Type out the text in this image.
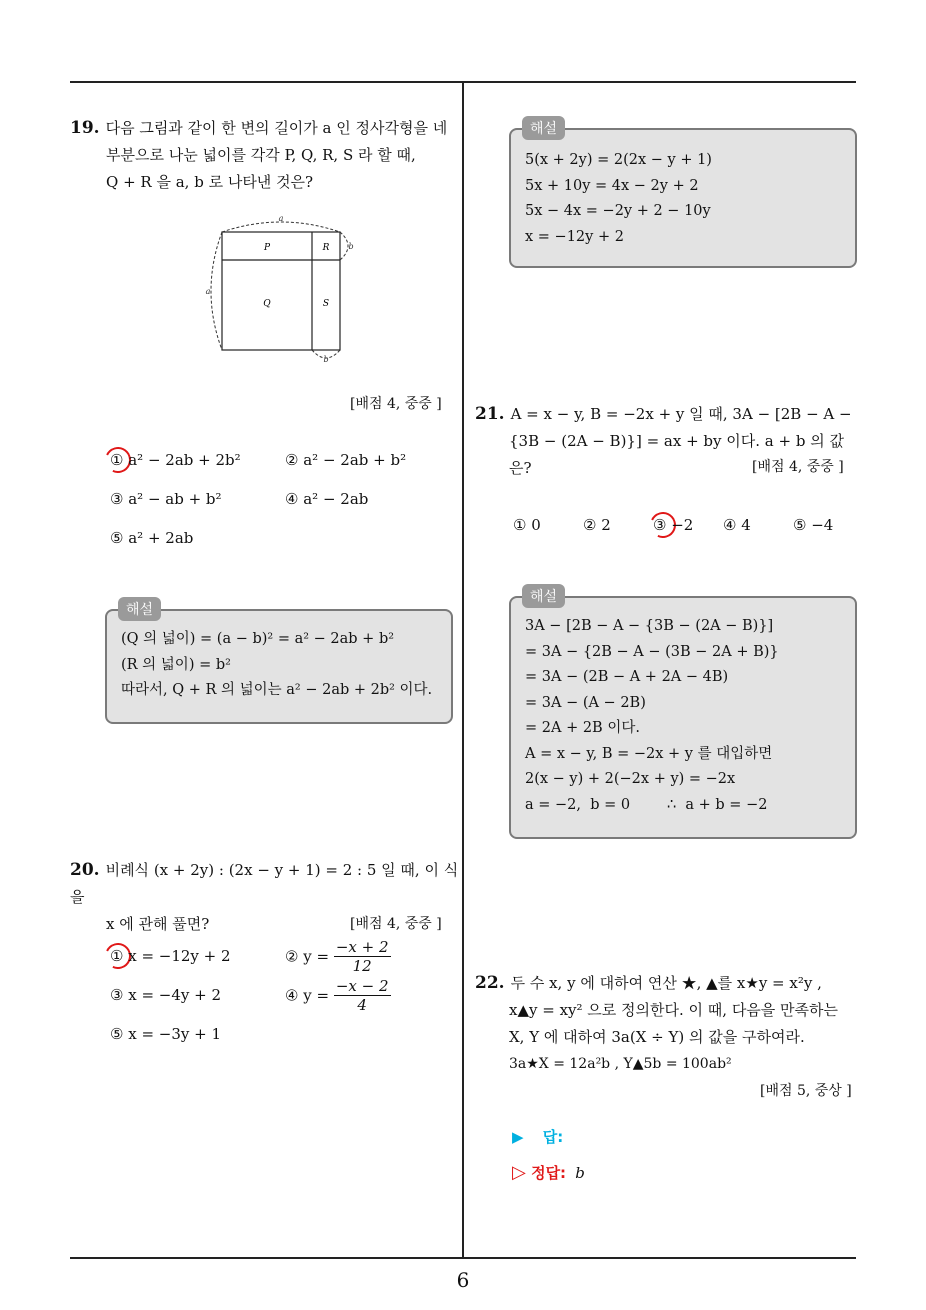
6
19. 다음 그림과 같이 한 변의 길이가 a 인 정사각형을 네
부분으로 나눈 넓이를 각각 P, Q, R, S 라 할 때,
Q + R 을 a, b 로 나타낸 것은?
a
a
b
b
P	R
Q	S
[배점 4, 중중 ]
① a² − 2ab + 2b²	② a² − 2ab + b²
③ a² − ab + b²	④ a² − 2ab
⑤ a² + 2ab
(Q 의 넓이) = (a − b)² = a² − 2ab + b²
(R 의 넓이) = b²
따라서, Q + R 의 넓이는 a² − 2ab + 2b² 이다.
해설
20. 비례식 (x + 2y) : (2x − y + 1) = 2 : 5 일 때, 이 식을
x 에 관해 풀면?	[배점 4, 중중 ]
① x = −12y + 2	② $y = \frac{-x + 2}{12}$
③ x = −4y + 2	④ $y = \frac{-x - 2}{4}$
⑤ x = −3y + 1
5(x + 2y) = 2(2x − y + 1)
5x + 10y = 4x − 2y + 2
5x − 4x = −2y + 2 − 10y
x = −12y + 2
해설
21. A = x − y, B = −2x + y 일 때, 3A − [2B − A −
{3B − (2A − B)}] = ax + by 이다. a + b 의 값은?	[배점 4, 중중 ]
① 0	② 2	③ −2 ④ 4	⑤ −4
3A − [2B − A − {3B − (2A − B)}]
= 3A − {2B − A − (3B − 2A + B)}
= 3A − (2B − A + 2A − 4B)
= 3A − (A − 2B)
= 2A + 2B 이다.
A = x − y, B = −2x + y 를 대입하면
2(x − y) + 2(−2x + y) = −2x
a = −2,  b = 0        ∴  a + b = −2
해설
22. 두 수 x, y 에 대하여 연산 ★, ▲를 x★y = x²y ,
x▲y = xy² 으로 정의한다. 이 때, 다음을 만족하는
X, Y 에 대하여 3a(X ÷ Y) 의 값을 구하여라.
3a★X = 12a²b , Y▲5b = 100ab²
[배점 5, 중상 ]
▶ 답:
▷ 정답: b
